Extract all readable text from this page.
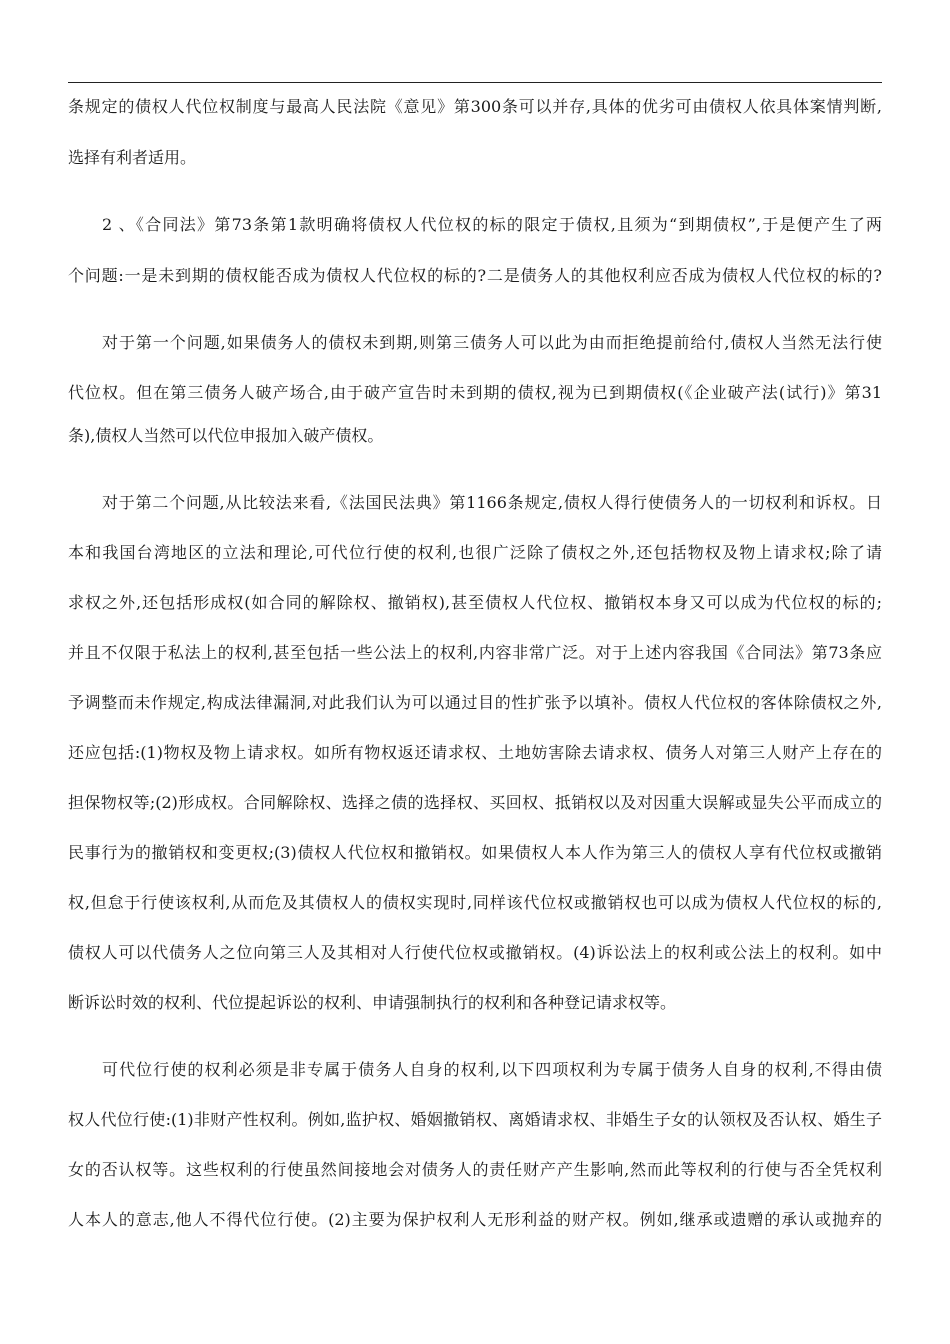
条规定的债权人代位权制度与最高人民法院《意见》第300条可以并存,具体的优劣可由债权人依具体案情判断,
选择有利者适用。
2 、《合同法》第73条第1款明确将债权人代位权的标的限定于债权,且须为“到期债权”,于是便产生了两
个问题:一是未到期的债权能否成为债权人代位权的标的?二是债务人的其他权利应否成为债权人代位权的标的?
对于第一个问题,如果债务人的债权未到期,则第三债务人可以此为由而拒绝提前给付,债权人当然无法行使
代位权。但在第三债务人破产场合,由于破产宣告时未到期的债权,视为已到期债权(《企业破产法(试行)》第31
条),债权人当然可以代位申报加入破产债权。
对于第二个问题,从比较法来看,《法国民法典》第1166条规定,债权人得行使债务人的一切权利和诉权。日
本和我国台湾地区的立法和理论,可代位行使的权利,也很广泛除了债权之外,还包括物权及物上请求权;除了请
求权之外,还包括形成权(如合同的解除权、撤销权),甚至债权人代位权、撤销权本身又可以成为代位权的标的;
并且不仅限于私法上的权利,甚至包括一些公法上的权利,内容非常广泛。对于上述内容我国《合同法》第73条应
予调整而未作规定,构成法律漏洞,对此我们认为可以通过目的性扩张予以填补。债权人代位权的客体除债权之外,
还应包括:(1)物权及物上请求权。如所有物权返还请求权、土地妨害除去请求权、债务人对第三人财产上存在的
担保物权等;(2)形成权。合同解除权、选择之债的选择权、买回权、抵销权以及对因重大误解或显失公平而成立的
民事行为的撤销权和变更权;(3)债权人代位权和撤销权。如果债权人本人作为第三人的债权人享有代位权或撤销
权,但怠于行使该权利,从而危及其债权人的债权实现时,同样该代位权或撤销权也可以成为债权人代位权的标的,
债权人可以代债务人之位向第三人及其相对人行使代位权或撤销权。(4)诉讼法上的权利或公法上的权利。如中
断诉讼时效的权利、代位提起诉讼的权利、申请强制执行的权利和各种登记请求权等。
可代位行使的权利必须是非专属于债务人自身的权利,以下四项权利为专属于债务人自身的权利,不得由债
权人代位行使:(1)非财产性权利。例如,监护权、婚姻撤销权、离婚请求权、非婚生子女的认领权及否认权、婚生子
女的否认权等。这些权利的行使虽然间接地会对债务人的责任财产产生影响,然而此等权利的行使与否全凭权利
人本人的意志,他人不得代位行使。(2)主要为保护权利人无形利益的财产权。例如,继承或遗赠的承认或抛弃的
